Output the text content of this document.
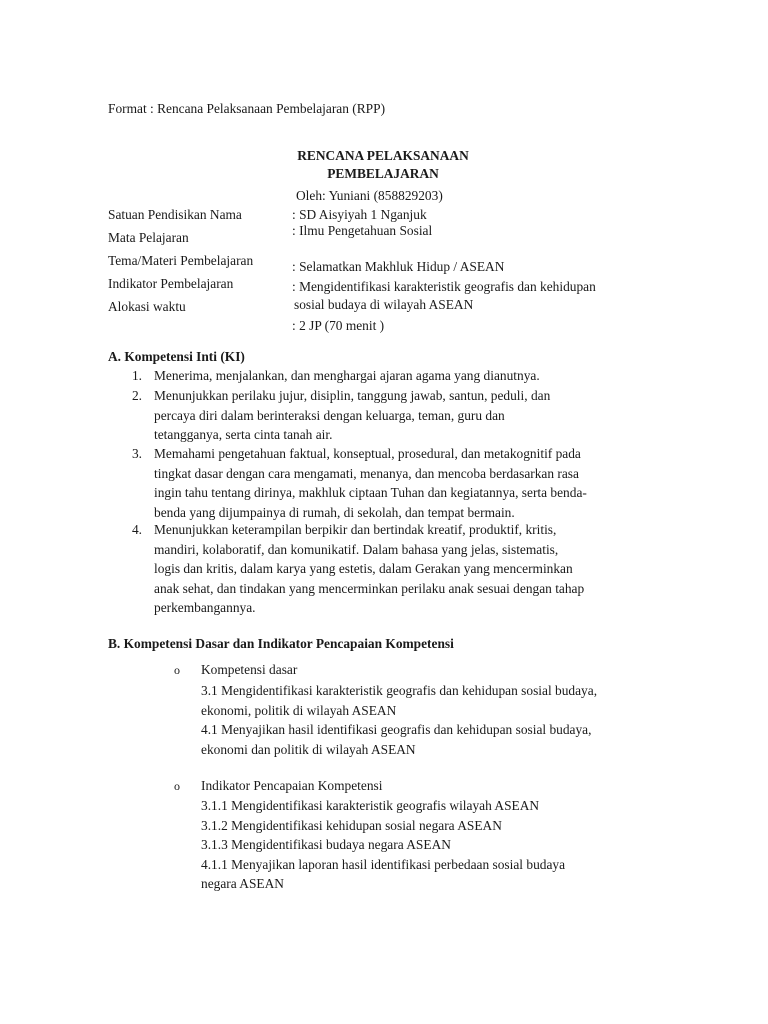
Format : Rencana Pelaksanaan Pembelajaran (RPP)
RENCANA PELAKSANAAN
PEMBELAJARAN
Oleh: Yuniani (858829203)
Satuan Pendisikan Nama
Mata Pelajaran
Tema/Materi Pembelajaran
Indikator Pembelajaran
Alokasi waktu
: SD Aisyiyah 1 Nganjuk
: Ilmu Pengetahuan Sosial
: Selamatkan Makhluk Hidup / ASEAN
: Mengidentifikasi karakteristik geografis dan kehidupan
sosial budaya di wilayah ASEAN
: 2 JP (70 menit )
A. Kompetensi Inti (KI)
1. Menerima, menjalankan, dan menghargai ajaran agama yang dianutnya.
2. Menunjukkan perilaku jujur, disiplin, tanggung jawab, santun, peduli, dan
percaya diri dalam berinteraksi dengan keluarga, teman, guru dan
tetangganya, serta cinta tanah air.
3. Memahami pengetahuan faktual, konseptual, prosedural, dan metakognitif pada
tingkat dasar dengan cara mengamati, menanya, dan mencoba berdasarkan rasa
ingin tahu tentang dirinya, makhluk ciptaan Tuhan dan kegiatannya, serta benda-
benda yang dijumpainya di rumah, di sekolah, dan tempat bermain.
4. Menunjukkan keterampilan berpikir dan bertindak kreatif, produktif, kritis,
mandiri, kolaboratif, dan komunikatif. Dalam bahasa yang jelas, sistematis,
logis dan kritis, dalam karya yang estetis, dalam Gerakan yang mencerminkan
anak sehat, dan tindakan yang mencerminkan perilaku anak sesuai dengan tahap
perkembangannya.
B. Kompetensi Dasar dan Indikator Pencapaian Kompetensi
o Kompetensi dasar
3.1 Mengidentifikasi karakteristik geografis dan kehidupan sosial budaya,
ekonomi, politik di wilayah ASEAN
4.1 Menyajikan hasil identifikasi geografis dan kehidupan sosial budaya,
ekonomi dan politik di wilayah ASEAN
o Indikator Pencapaian Kompetensi
3.1.1 Mengidentifikasi karakteristik geografis wilayah ASEAN
3.1.2 Mengidentifikasi kehidupan sosial negara ASEAN
3.1.3 Mengidentifikasi budaya negara ASEAN
4.1.1 Menyajikan laporan hasil identifikasi perbedaan sosial budaya
negara ASEAN
